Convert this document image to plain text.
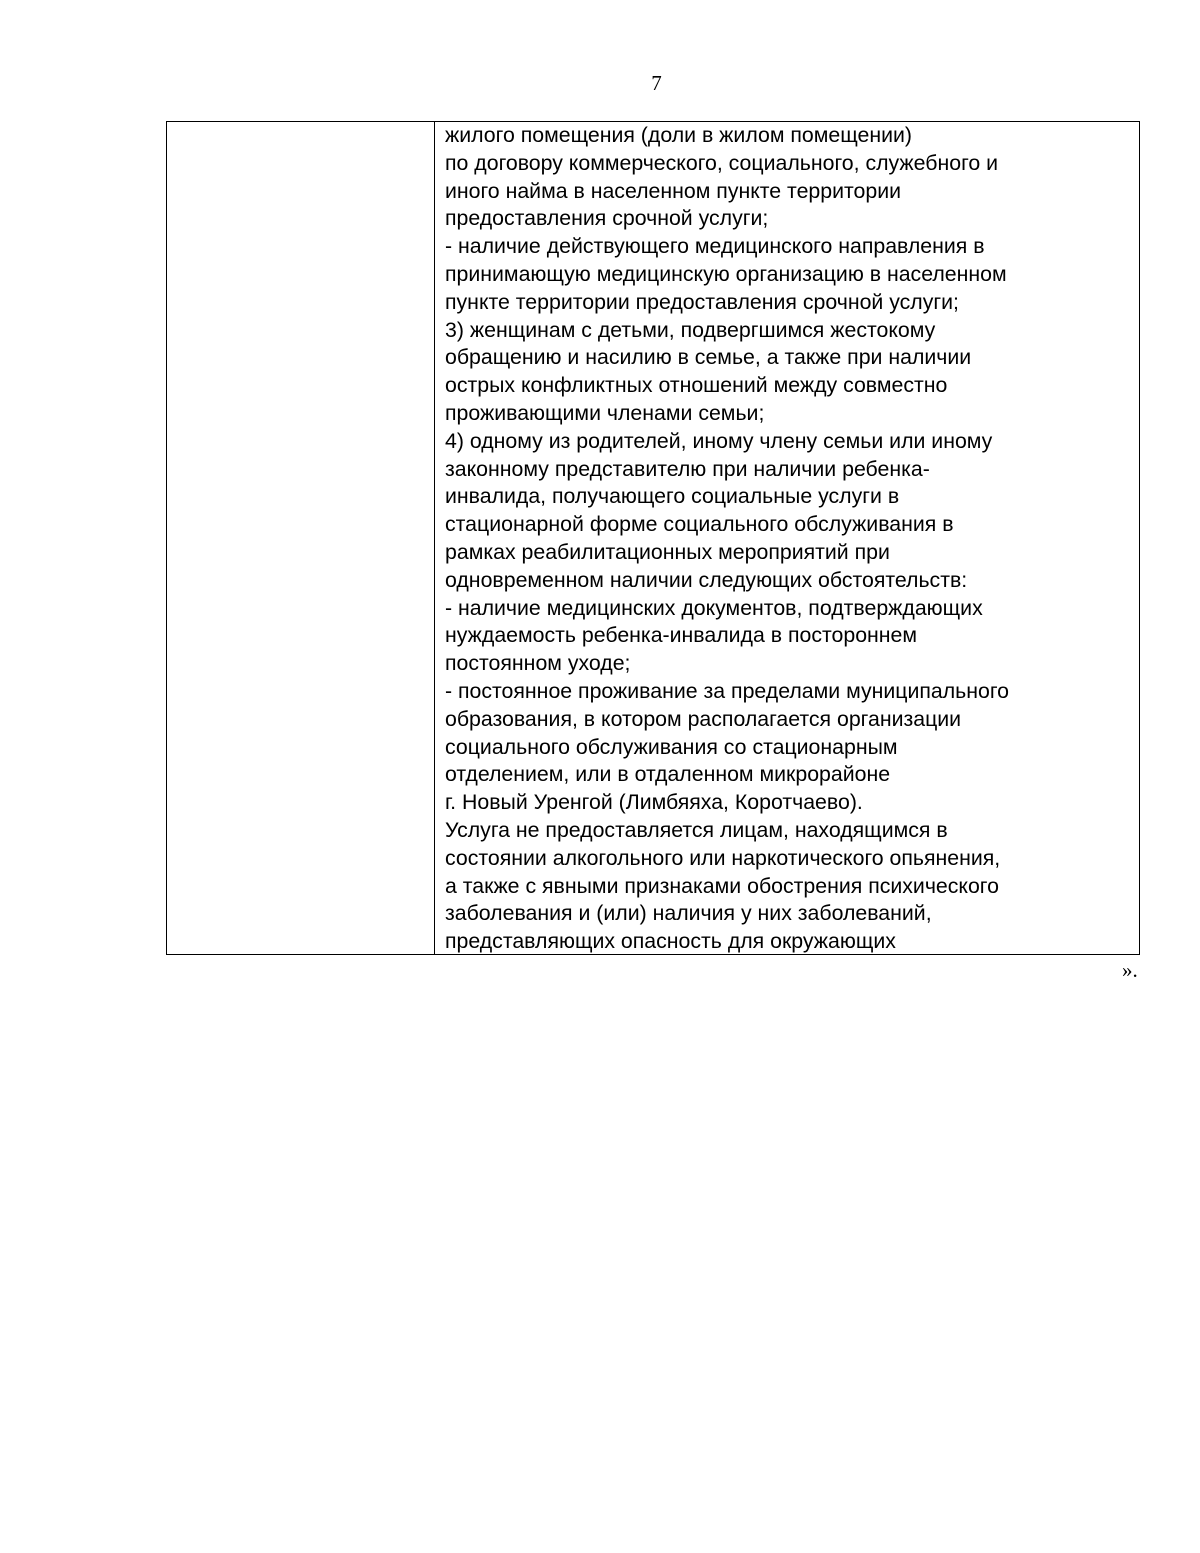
7

жилого помещения (доли в жилом помещении)

по договору коммерческого, социального, служебного и

иного найма в населенном пункте территории

предоставления срочной услуги;

- наличие действующего медицинского направления в

принимающую медицинскую организацию в населенном

пункте территории предоставления срочной услуги;

3) женщинам с детьми, подвергшимся жестокому

обращению и насилию в семье, а также при наличии

острых конфликтных отношений между совместно

проживающими членами семьи;

4) одному из родителей, иному члену семьи или иному

законному представителю при наличии ребенка-

инвалида, получающего социальные услуги в

стационарной форме социального обслуживания в

рамках реабилитационных мероприятий при

одновременном наличии следующих обстоятельств:

- наличие медицинских документов, подтверждающих

нуждаемость ребенка-инвалида в постороннем

постоянном уходе;

- постоянное проживание за пределами муниципального

образования, в котором располагается организации

социального обслуживания со стационарным

отделением, или в отдаленном микрорайоне

г. Новый Уренгой (Лимбяяха, Коротчаево).

Услуга не предоставляется лицам, находящимся в

состоянии алкогольного или наркотического опьянения,

а также с явными признаками обострения психического

заболевания и (или) наличия у них заболеваний,

представляющих опасность для окружающих

».
